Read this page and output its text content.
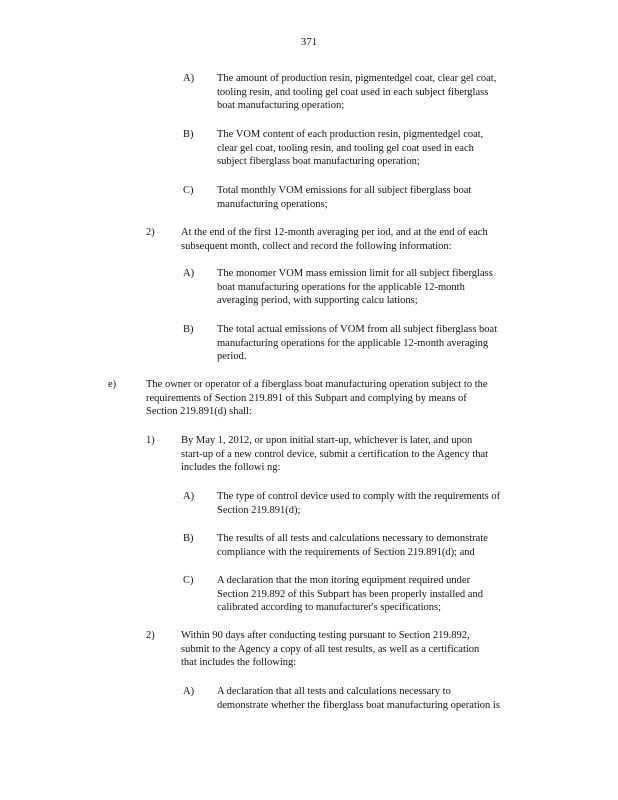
371
A) The amount of production resin, pigmentedgel coat, clear gel coat,
tooling resin, and tooling gel coat used in each subject fiberglass
boat manufacturing operation;
B) The VOM content of each production resin, pigmentedgel coat,
clear gel coat, tooling resin, and tooling gel coat used in each
subject fiberglass boat manufacturing operation;
C) Total monthly VOM emissions for all subject fiberglass boat
manufacturing operations;
2)	At the end of the first 12-month averaging per iod, and at the end of each
subsequent month, collect and record the following information:
A) The monomer VOM mass emission limit for all subject fiberglass
boat manufacturing operations for the applicable 12-month
averaging period, with supporting calcu lations;
B) The total actual emissions of VOM from all subject fiberglass boat
manufacturing operations for the applicable 12-month averaging
period.
e)	The owner or operator of a fiberglass boat manufacturing operation subject to the
requirements of Section 219.891 of this Subpart and complying by means of
Section 219.891(d) shall:
1)	By May 1, 2012, or upon initial start-up, whichever is later, and upon
start-up of a new control device, submit a certification to the Agency that
includes the followi ng:
A) The type of control device used to comply with the requirements of
Section 219.891(d);
B) The results of all tests and calculations necessary to demonstrate
compliance with the requirements of Section 219.891(d); and
C) A declaration that the mon itoring equipment required under
Section 219.892 of this Subpart has been properly installed and
calibrated according to manufacturer's specifications;
2)	Within 90 days after conducting testing pursuant to Section 219.892,
submit to the Agency a copy of all test results, as well as a certification
that includes the following:
A) A declaration that all tests and calculations necessary to
demonstrate whether the fiberglass boat manufacturing operation is
